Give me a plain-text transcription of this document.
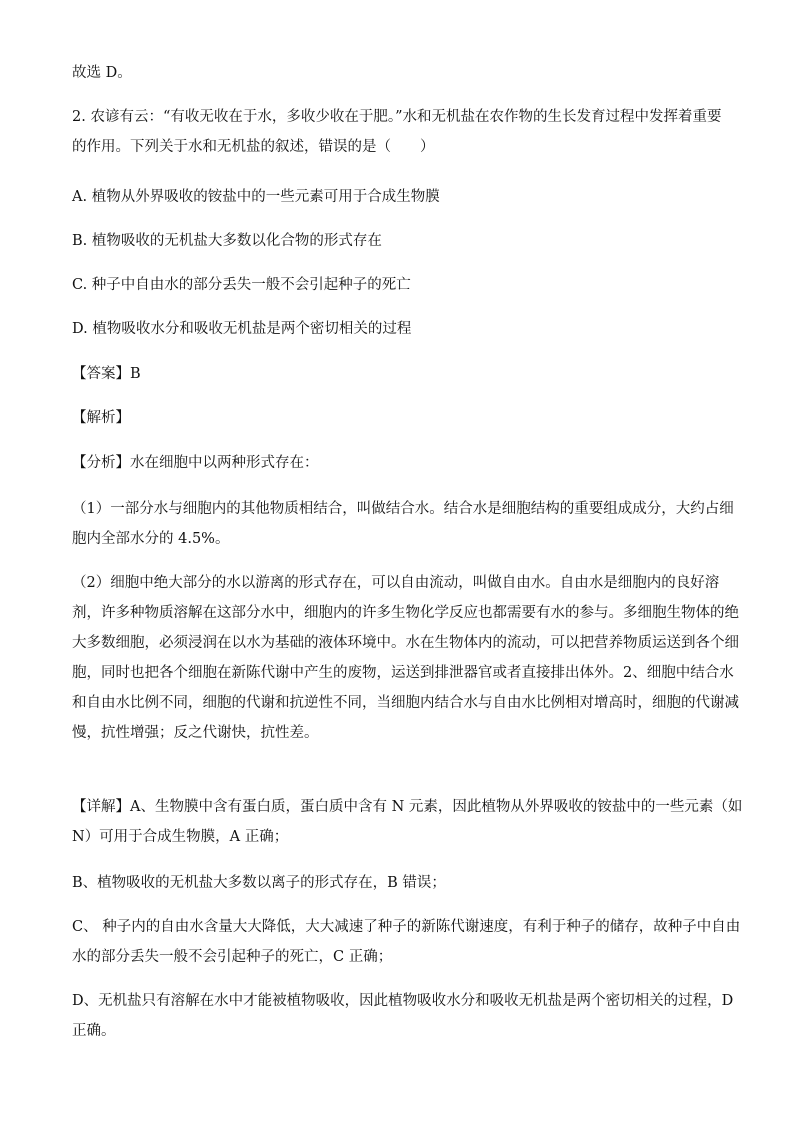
故选 D。
2. 农谚有云：“有收无收在于水，多收少收在于肥。”水和无机盐在农作物的生长发育过程中发挥着重要
的作用。下列关于水和无机盐的叙述，错误的是（　　）
A. 植物从外界吸收的铵盐中的一些元素可用于合成生物膜
B. 植物吸收的无机盐大多数以化合物的形式存在
C. 种子中自由水的部分丢失一般不会引起种子的死亡
D. 植物吸收水分和吸收无机盐是两个密切相关的过程
【答案】B
【解析】
【分析】水在细胞中以两种形式存在：
（1）一部分水与细胞内的其他物质相结合，叫做结合水。结合水是细胞结构的重要组成成分，大约占细
胞内全部水分的 4.5%。
（2）细胞中绝大部分的水以游离的形式存在，可以自由流动，叫做自由水。自由水是细胞内的良好溶
剂，许多种物质溶解在这部分水中，细胞内的许多生物化学反应也都需要有水的参与。多细胞生物体的绝
大多数细胞，必须浸润在以水为基础的液体环境中。水在生物体内的流动，可以把营养物质运送到各个细
胞，同时也把各个细胞在新陈代谢中产生的废物，运送到排泄器官或者直接排出体外。2、细胞中结合水
和自由水比例不同，细胞的代谢和抗逆性不同，当细胞内结合水与自由水比例相对增高时，细胞的代谢减
慢，抗性增强；反之代谢快，抗性差。
【详解】A、生物膜中含有蛋白质，蛋白质中含有 N 元素，因此植物从外界吸收的铵盐中的一些元素（如
N）可用于合成生物膜，A 正确；
B、植物吸收的无机盐大多数以离子的形式存在，B 错误；
C、 种子内的自由水含量大大降低，大大减速了种子的新陈代谢速度，有利于种子的储存，故种子中自由
水的部分丢失一般不会引起种子的死亡，C 正确；
D、无机盐只有溶解在水中才能被植物吸收，因此植物吸收水分和吸收无机盐是两个密切相关的过程，D
正确。
